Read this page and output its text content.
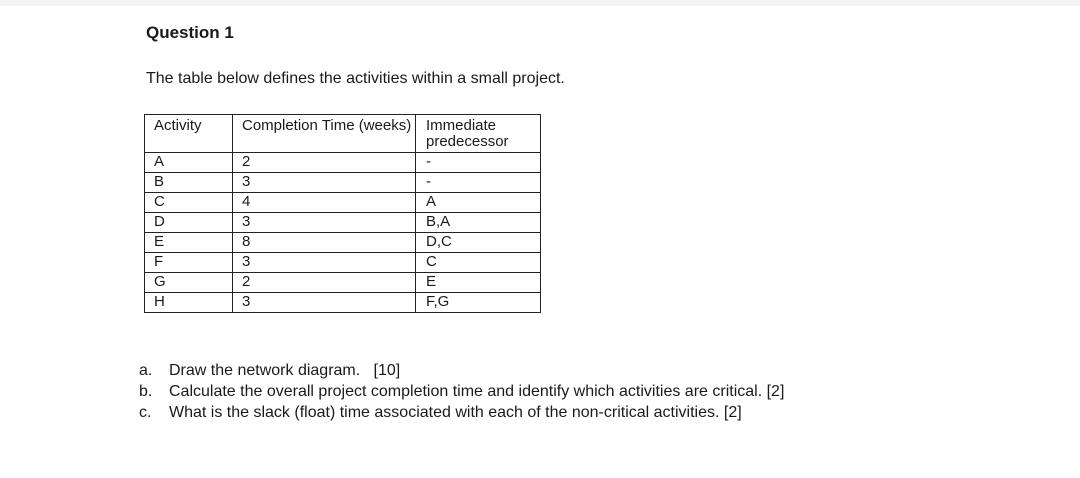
Question 1

The table below defines the activities within a small project.

Activity	Completion Time (weeks)	Immediate predecessor
A	2	-
B	3	-
C	4	A
D	3	B,A
E	8	D,C
F	3	C
G	2	E
H	3	F,G
a.	Draw the network diagram.   [10]
b.	Calculate the overall project completion time and identify which activities are critical. [2]
c.	What is the slack (float) time associated with each of the non-critical activities. [2]
